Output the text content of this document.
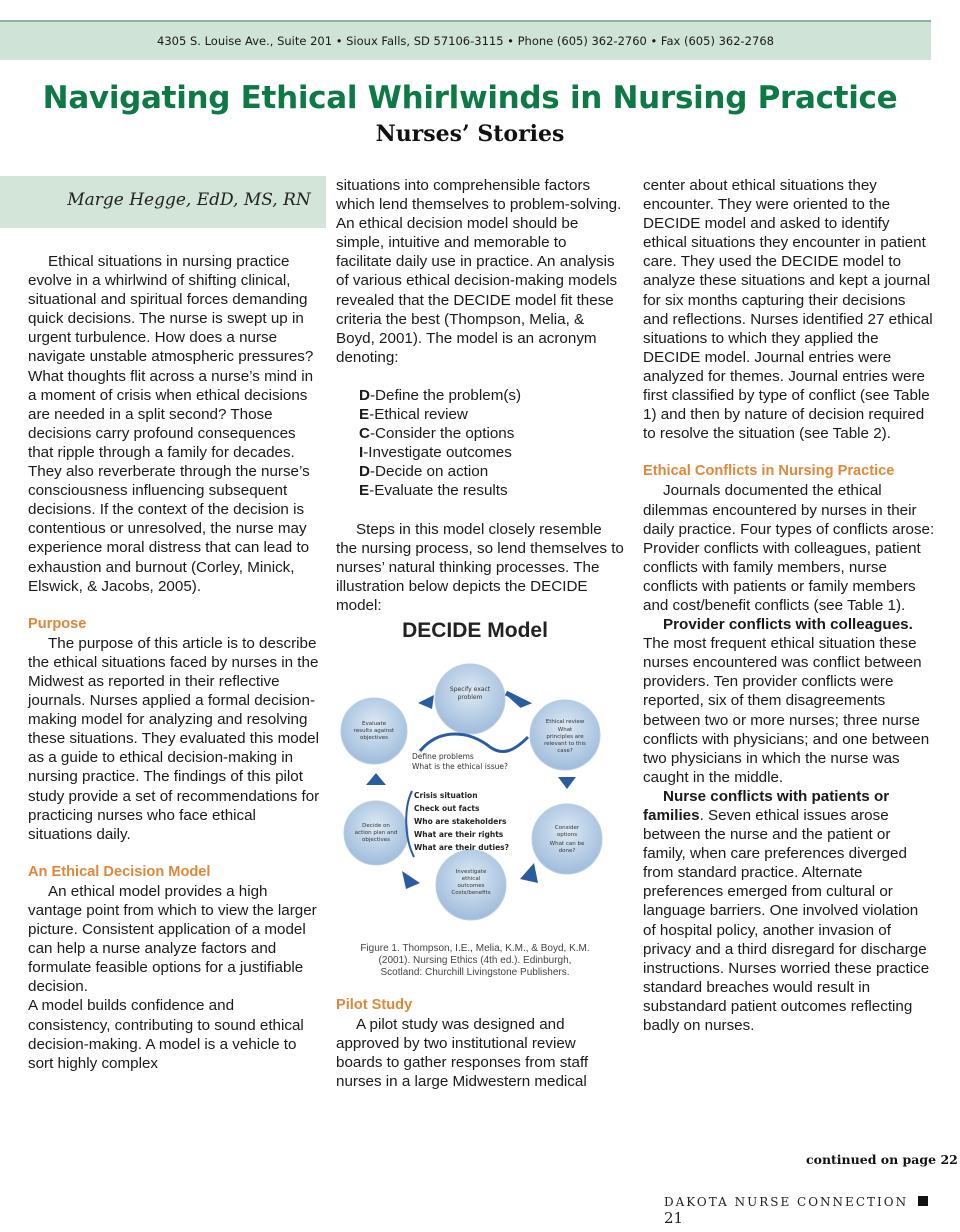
4305 S. Louise Ave., Suite 201 • Sioux Falls, SD 57106-3115 • Phone (605) 362-2760 • Fax (605) 362-2768
Navigating Ethical Whirlwinds in Nursing Practice
Nurses’ Stories
Marge Hegge, EdD, MS, RN

Ethical situations in nursing practice evolve in a whirlwind of shifting clinical, situational and spiritual forces demanding quick decisions. The nurse is swept up in urgent turbulence. How does a nurse navigate unstable atmospheric pressures? What thoughts flit across a nurse’s mind in a moment of crisis when ethical decisions are needed in a split second? Those decisions carry profound consequences that ripple through a family for decades. They also reverberate through the nurse’s consciousness influencing subsequent decisions. If the context of the decision is contentious or unresolved, the nurse may experience moral distress that can lead to exhaustion and burnout (Corley, Minick, Elswick, & Jacobs, 2005).

Purpose

The purpose of this article is to describe the ethical situations faced by nurses in the Midwest as reported in their reflective journals. Nurses applied a formal decision-making model for analyzing and resolving these situations. They evaluated this model as a guide to ethical decision-making in nursing practice. The findings of this pilot study provide a set of recommendations for practicing nurses who face ethical situations daily.

An Ethical Decision Model

An ethical model provides a high vantage point from which to view the larger picture. Consistent application of a model can help a nurse analyze factors and formulate feasible options for a justifiable decision.

A model builds confidence and consistency, contributing to sound ethical decision-making. A model is a vehicle to sort highly complex

situations into comprehensible factors which lend themselves to problem-solving. An ethical decision model should be simple, intuitive and memorable to facilitate daily use in practice. An analysis of various ethical decision-making models revealed that the DECIDE model fit these criteria the best (Thompson, Melia, & Boyd, 2001). The model is an acronym denoting:

D-Define the problem(s)

E-Ethical review

C-Consider the options

I-Investigate outcomes

D-Decide on action

E-Evaluate the results

Steps in this model closely resemble the nursing process, so lend themselves to nurses’ natural thinking processes. The illustration below depicts the DECIDE model:

DECIDE Model
Specify exact problem
Ethical review What principles are relevant to this case?
Consider options What can be done?
Investigate ethical outcomes Costs/benefits
Decide on action plan and objectives
Evaluate results against objectives
Define problems What is the ethical issue?
Crisis situation Check out facts Who are stakeholders What are their rights What are their duties?
Figure 1. Thompson, I.E., Melia, K.M., & Boyd, K.M. (2001). Nursing Ethics (4th ed.). Edinburgh, Scotland: Churchill Livingstone Publishers.

Pilot Study

A pilot study was designed and approved by two institutional review boards to gather responses from staff nurses in a large Midwestern medical

center about ethical situations they encounter. They were oriented to the DECIDE model and asked to identify ethical situations they encounter in patient care. They used the DECIDE model to analyze these situations and kept a journal for six months capturing their decisions and reflections. Nurses identified 27 ethical situations to which they applied the DECIDE model. Journal entries were analyzed for themes. Journal entries were first classified by type of conflict (see Table 1) and then by nature of decision required to resolve the situation (see Table 2).

Ethical Conflicts in Nursing Practice

Journals documented the ethical dilemmas encountered by nurses in their daily practice. Four types of conflicts arose: Provider conflicts with colleagues, patient conflicts with family members, nurse conflicts with patients or family members and cost/benefit conflicts (see Table 1).

Provider conflicts with colleagues. The most frequent ethical situation these nurses encountered was conflict between providers. Ten provider conflicts were reported, six of them disagreements between two or more nurses; three nurse conflicts with physicians; and one between two physicians in which the nurse was caught in the middle.

Nurse conflicts with patients or families. Seven ethical issues arose between the nurse and the patient or family, when care preferences diverged from standard practice. Alternate preferences emerged from cultural or language barriers. One involved violation of hospital policy, another invasion of privacy and a third disregard for discharge instructions. Nurses worried these practice standard breaches would result in substandard patient outcomes reflecting badly on nurses.

continued on page 22
DAKOTA NURSE CONNECTION  21
